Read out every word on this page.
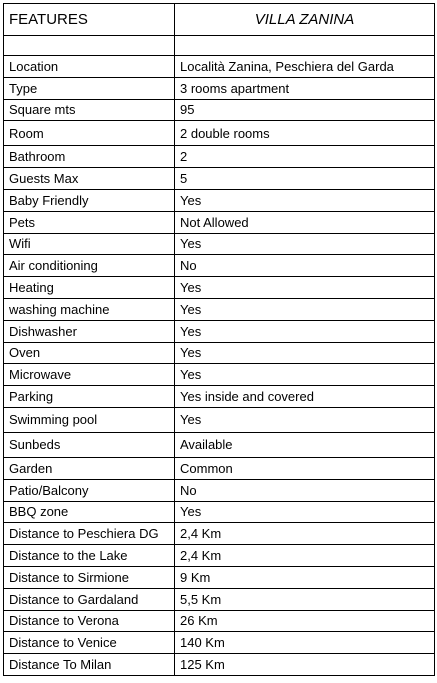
FEATURES	VILLA ZANINA

Location	Località Zanina, Peschiera del Garda
Type	3 rooms apartment
Square mts	95
Room	2 double rooms
Bathroom	2
Guests Max	5
Baby Friendly	Yes
Pets	Not Allowed
Wifi	Yes
Air conditioning	No
Heating	Yes
washing machine	Yes
Dishwasher	Yes
Oven	Yes
Microwave	Yes
Parking	Yes inside and covered
Swimming pool	Yes
Sunbeds	Available
Garden	Common
Patio/Balcony	No
BBQ zone	Yes
Distance to Peschiera DG	2,4 Km
Distance to the Lake	2,4 Km
Distance to Sirmione	9 Km
Distance to Gardaland	5,5 Km
Distance to Verona	26 Km
Distance to Venice	140 Km
Distance To Milan	125 Km
